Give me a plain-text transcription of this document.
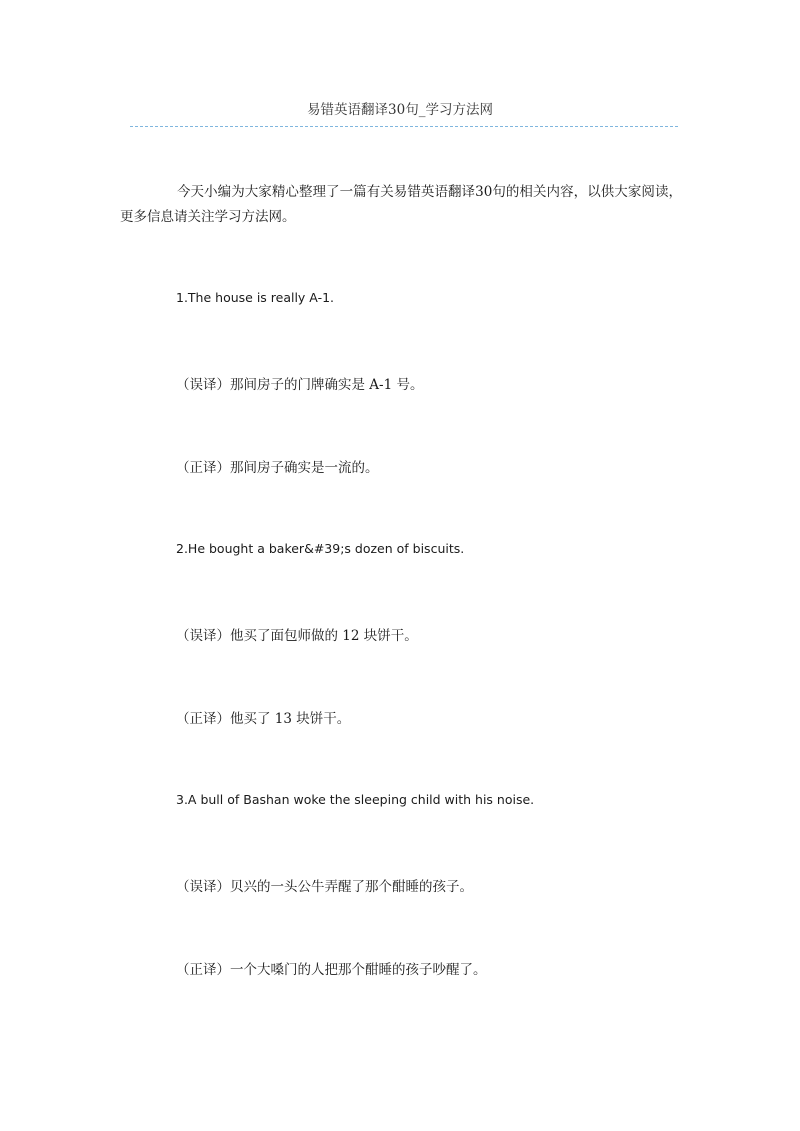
易错英语翻译30句_学习方法网
今天小编为大家精心整理了一篇有关易错英语翻译30句的相关内容，以供大家阅读，更多信息请关注学习方法网。
1.The house is really A-1.
（误译）那间房子的门牌确实是 A-1 号。
（正译）那间房子确实是一流的。
2.He bought a baker&#39;s dozen of biscuits.
（误译）他买了面包师做的 12 块饼干。
（正译）他买了 13 块饼干。
3.A bull of Bashan woke the sleeping child with his noise.
（误译）贝兴的一头公牛弄醒了那个酣睡的孩子。
（正译）一个大嗓门的人把那个酣睡的孩子吵醒了。
